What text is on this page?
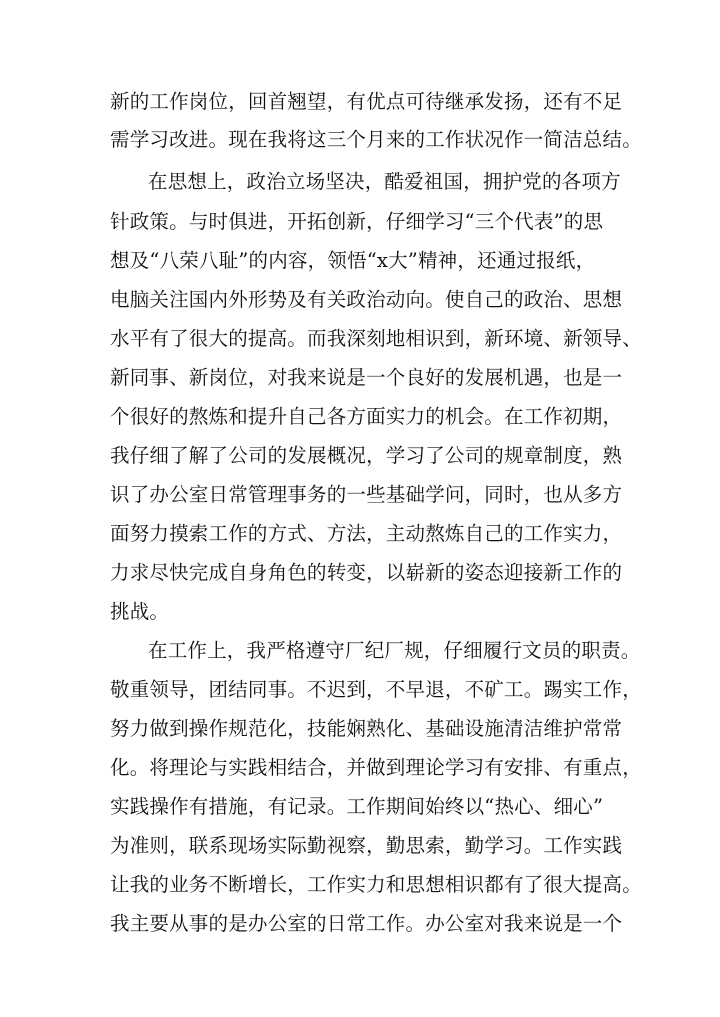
新的工作岗位，回首翘望，有优点可待继承发扬，还有不足
需学习改进。现在我将这三个月来的工作状况作一简洁总结。
在思想上，政治立场坚决，酷爱祖国，拥护党的各项方
针政策。与时俱进，开拓创新，仔细学习“三个代表”的思
想及“八荣八耻”的内容，领悟“x大”精神，还通过报纸，
电脑关注国内外形势及有关政治动向。使自己的政治、思想
水平有了很大的提高。而我深刻地相识到，新环境、新领导、
新同事、新岗位，对我来说是一个良好的发展机遇，也是一
个很好的熬炼和提升自己各方面实力的机会。在工作初期，
我仔细了解了公司的发展概况，学习了公司的规章制度，熟
识了办公室日常管理事务的一些基础学问，同时，也从多方
面努力摸索工作的方式、方法，主动熬炼自己的工作实力，
力求尽快完成自身角色的转变，以崭新的姿态迎接新工作的
挑战。
在工作上，我严格遵守厂纪厂规，仔细履行文员的职责。
敬重领导，团结同事。不迟到，不早退，不矿工。踢实工作，
努力做到操作规范化，技能娴熟化、基础设施清洁维护常常
化。将理论与实践相结合，并做到理论学习有安排、有重点，
实践操作有措施，有记录。工作期间始终以“热心、细心”
为准则，联系现场实际勤视察，勤思索，勤学习。工作实践
让我的业务不断增长，工作实力和思想相识都有了很大提高。
我主要从事的是办公室的日常工作。办公室对我来说是一个
